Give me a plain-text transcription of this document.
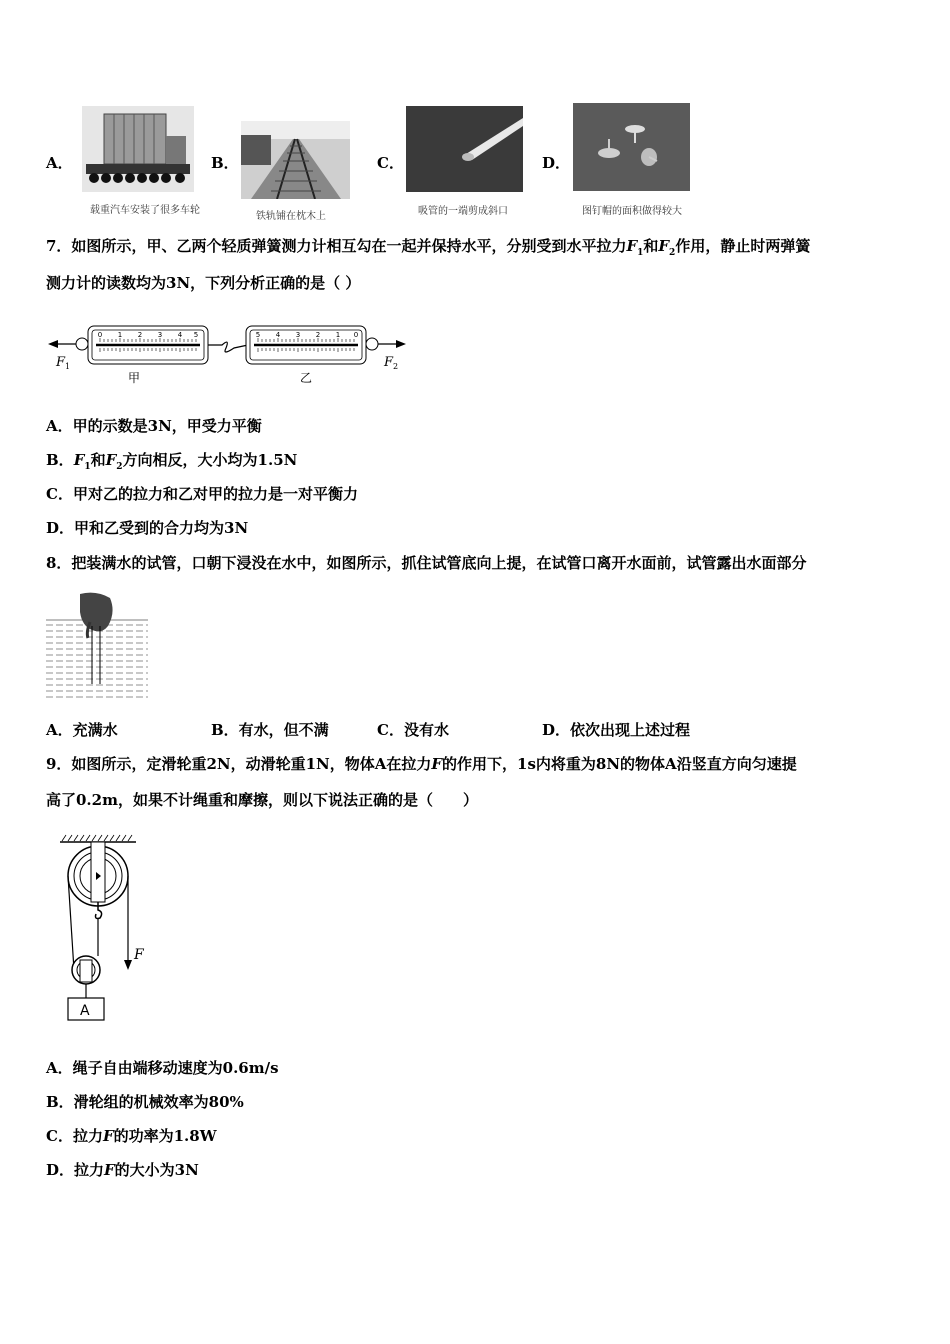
A．
载重汽车安装了很多车轮
B．
铁轨铺在枕木上
C．
吸管的一端剪成斜口
D．
图钉帽的面积做得较大
7．如图所示，甲、乙两个轻质弹簧测力计相互勾在一起并保持水平，分别受到水平拉力$F_1$和$F_2$作用，静止时两弹簧
测力计的读数均为3N，下列分析正确的是（ ）
0 1 2 3 4 5	5 4 3 2 1 0
$F_1$	$F_2$
甲	乙
A．甲的示数是3N，甲受力平衡
B．$F_1$和$F_2$方向相反，大小均为1.5N
C．甲对乙的拉力和乙对甲的拉力是一对平衡力
D．甲和乙受到的合力均为3N
8．把装满水的试管，口朝下浸没在水中，如图所示，抓住试管底向上提，在试管口离开水面前，试管露出水面部分
A．充满水	B．有水，但不满	C．没有水	D．依次出现上述过程
9．如图所示，定滑轮重2N，动滑轮重1N，物体A在拉力F的作用下，1s内将重为8N的物体A沿竖直方向匀速提
高了0.2m，如果不计绳重和摩擦，则以下说法正确的是（　　）
A
F
A．绳子自由端移动速度为0.6m/s
B．滑轮组的机械效率为80%
C．拉力F的功率为1.8W
D．拉力F的大小为3N
